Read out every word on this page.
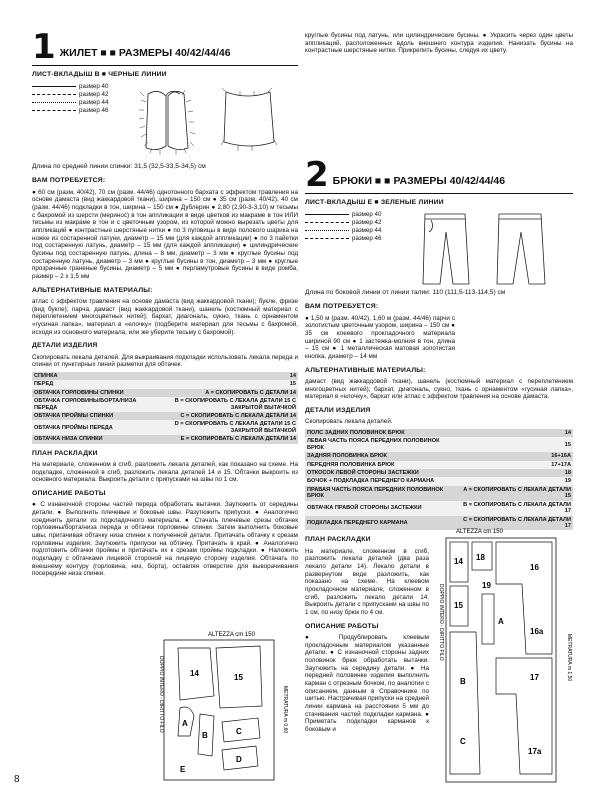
1 ЖИЛЕТ ■ ■ РАЗМЕРЫ 40/42/44/46
ЛИСТ-ВКЛАДЫШ В ■ ЧЕРНЫЕ ЛИНИИ
размер 40
размер 42
размер 44
размер 46

Длина по средней линии спинки: 31,5 (32,5-33,5-34,5) см

ВАМ ПОТРЕБУЕТСЯ:

● 60 см (разм. 40/42), 70 см (разм. 44/46) однотонного бархата с эффектом травления на основе дамаста (вид жаккардовой ткани), ширина – 150 см ● 35 см (разм. 40/42), 40 см (разм. 44/46) подкладки в тон, ширина – 150 см ● Дублерин ● 2,80 (2,90-3-3,10) м тесьмы с бахромой из шерсти (меринос) в тон аппликации в виде цветков из макраме в тон ИЛИ тесьмы из макраме в тон и с цветочным узором, из которой можно вырезать цветы для аппликаций ● контрастные шерстяные нитки ● по 3 пуговицы в виде полового шарика на ножке из состаренной латуни, диаметр – 15 мм (для каждой аппликации) ● по 3 пайетки под состаренную латунь, диаметр – 15 мм (для каждой аппликации) ● цилиндрические бусины под состаренную латунь, длина – 8 мм, диаметр – 3 мм ● круглые бусины под состаренную латунь, диаметр – 3 мм ● круглые бусины в тон, диаметр – 3 мм ● круглые прозрачные граненые бусины, диаметр – 5 мм ● перламутровые бусины в виде ромба, размер – 2 x 1,5 мм

АЛЬТЕРНАТИВНЫЕ МАТЕРИАЛЫ:

атлас с эффектом травления на основе дамаста (вид жаккардовой ткани); букле, фризе (вид букле); парча, дамаст (вид жаккардовой ткани), шанель (костюмный материал с переплетением многоцветных нитей); бархат, диагональ, сукно, ткань с орнаментом «гусиная лапка», материал в «елочку» (подберите материал для тесьмы с бахромой, исходя из основного материала, или же уберите тесьму с бахромой).

ДЕТАЛИ ИЗДЕЛИЯ

Скопировать лекала деталей. Для выкраивания подкладки использовать лекала переда и спинки от пунктирных линий разметки для обтачек.

СПИНКА	14
ПЕРЕД	15
ОБТАЧКА ГОРЛОВИНЫ СПИНКИ	A = СКОПИРОВАТЬ С ДЕТАЛИ 14
ОБТАЧКА ГОРЛОВИНЫ/БОРТА/НИЗА ПЕРЕДА	B = СКОПИРОВАТЬ С ЛЕКАЛА ДЕТАЛИ 15 С ЗАКРЫТОЙ ВЫТАЧКОЙ
ОБТАЧКА ПРОЙМЫ СПИНКИ	C = СКОПИРОВАТЬ С ЛЕКАЛА ДЕТАЛИ 14
ОБТАЧКА ПРОЙМЫ ПЕРЕДА	D = СКОПИРОВАТЬ С ЛЕКАЛА ДЕТАЛИ 15 С ЗАКРЫТОЙ ВЫТАЧКОЙ
ОБТАЧКА НИЗА СПИНКИ	E = СКОПИРОВАТЬ С ЛЕКАЛА ДЕТАЛИ 14
ПЛАН РАСКЛАДКИ

На материале, сложенном в сгиб, разложить лекала деталей, как показано на схеме. На подкладке, сложенной в сгиб, разложить лекала деталей 14 и 15. Обтачки выкроить из основного материала. Выкроить детали с припусками на швы по 1 см.

ОПИСАНИЕ РАБОТЫ

● С изнаночной стороны частей переда обработать вытачки. Заутюжить от середины детали. ● Выполнить плечевые и боковые швы. Разутюжить припуски. ● Аналогично соединить детали из подкладочного материала. ● Стачать плечевые срезы обтачек горловины/борта/низа переда и обтачки горловины спинки. Затем выполнить боковые швы, притачивая обтачку низа спинки к полученной детали. Притачать обтачку к срезам горловины изделия. Заутюжить припуски на обтачку. Притачать в край. ● Аналогично подготовить обтачки проймы и притачать их к срезам проймы подкладки. ● Наложить подкладку с обтачками лицевой стороной на лицевую сторону изделия. Обтачать по внешнему контуру (горловина, низ, борта), оставляя отверстие для выворачивания посередине низа спинки.

ALTEZZA cm 150
DOPPIO INTERO - DIRITTO FILO	METRATURA m 0,60
14	15
A
B	C
D
E

круглые бусины под латунь, или цилиндрические бусины. ● Украсить через один цветы аппликаций, расположенных вдоль внешнего контура изделия. Нанизать бусины на контрастные шерстяные нитки. Прикрепить бусины, следуя их цвету.

2 БРЮКИ ■ ■ РАЗМЕРЫ 40/42/44/46
ЛИСТ-ВКЛАДЫШ E ■ ЗЕЛЕНЫЕ ЛИНИИ
размер 40
размер 42
размер 44
размер 46

Длина по боковой линии от линии талии: 110 (111,5-113-114,5) см

ВАМ ПОТРЕБУЕТСЯ:

● 1,50 м (разм. 40/42), 1,60 м (разм. 44/46) парчи с золотистым цветочным узором, ширина – 150 см ● 35 см клеевого прокладочного материала шириной 90 см ● 1 застежка-молния в тон, длина – 15 см ● 1 металлическая матовая золотистая кнопка, диаметр – 14 мм

АЛЬТЕРНАТИВНЫЕ МАТЕРИАЛЫ:

дамаст (вид жаккардовой ткани), шанель (костюмный материал с переплетением многоцветных нитей); бархат, диагональ, сукно, ткань с орнаментом «гусиная лапка», материал в «елочку», бархат или атлас с эффектом травления на основе дамаста.

ДЕТАЛИ ИЗДЕЛИЯ

Скопировать лекала деталей.

ПОЛС ЗАДНИХ ПОЛОВИНОК БРЮК	14
ЛЕВАЯ ЧАСТЬ ПОЯСА ПЕРЕДНИХ ПОЛОВИНОК БРЮК	15
ЗАДНЯЯ ПОЛОВИНКА БРЮК	16+16A
ПЕРЕДНЯЯ ПОЛОВИНКА БРЮК	17+17A
ОТКОСОК ЛЕВОЙ СТОРОНЫ ЗАСТЕЖКИ	18
БОЧОК + ПОДКЛАДКА ПЕРЕДНЕГО КАРМАНА	19
ПРАВАЯ ЧАСТЬ ПОЯСА ПЕРЕДНИХ ПОЛОВИНОК БРЮК	A = СКОПИРОВАТЬ С ЛЕКАЛА ДЕТАЛИ 15
ОБТАЧКА ПРАВОЙ СТОРОНЫ ЗАСТЕЖКИ	B = СКОПИРОВАТЬ С ЛЕКАЛА ДЕТАЛИ 17
ПОДКЛАДКА ПЕРЕДНЕГО КАРМАНА	C = СКОПИРОВАТЬ С ЛЕКАЛА ДЕТАЛИ 17
ПЛАН РАСКЛАДКИ

На материале, сложенном в сгиб, разложить лекала деталей (два раза лекало детали 14). Лекало детали в развернутом виде разложить, как показано на схеме. На клеевом прокладочном материале, сложенном в сгиб, разложить лекало детали 14. Выкроить детали с припусками на швы по 1 см, по низу брюк по 4 см.

ОПИСАНИЕ РАБОТЫ

● Продублировать клеевым прокладочным материалом указанные детали. ● С изнаночной стороны задних половинок брюк обработать вытачки. Заутюжить на середину детали. ● На передней половинке изделия выполнить карман с отрезным бочком, по аналогии с описанием, данным в Справочнике по шитью. Настрачивая припуски на средней линии кармана на расстоянии 5 мм до стачивания частей подкладки кармана. ● Приметать подкладки карманов к боковым и

ALTEZZA cm 150
DOPPIO INTERO - DIRITTO FILO	METRATURA m 1,50
14
15
18
19
16
16a
17
17a
A
B
C
8
